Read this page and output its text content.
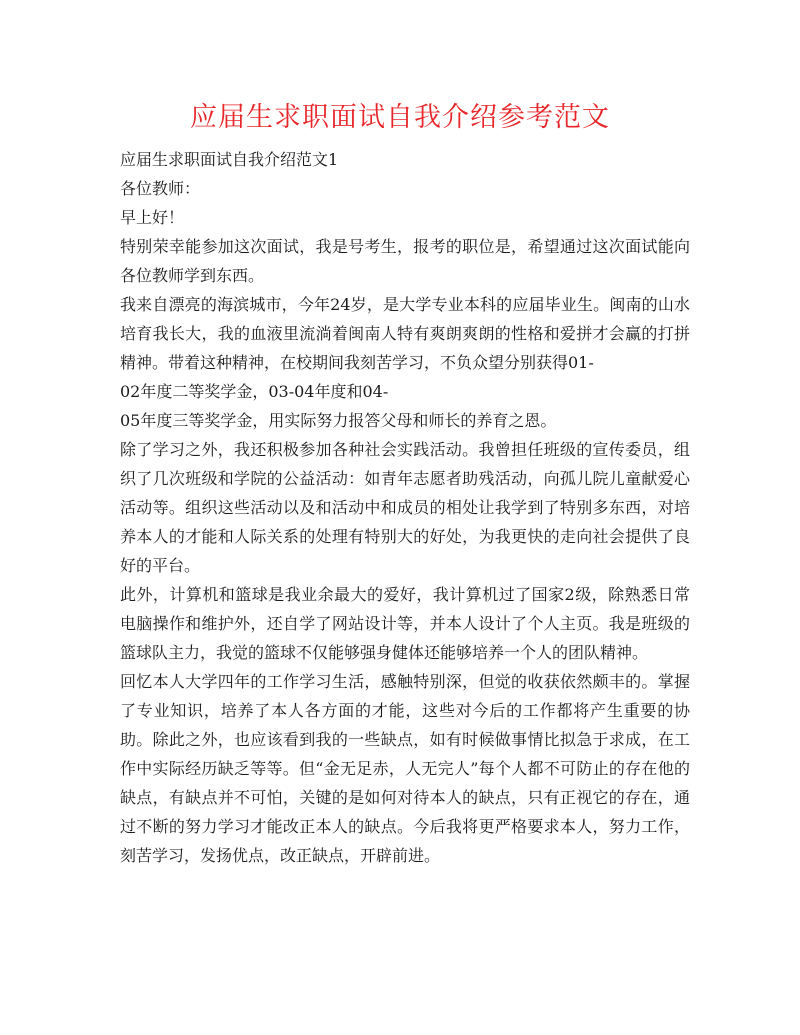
应届生求职面试自我介绍参考范文

应届生求职面试自我介绍范文1

各位教师：

早上好！

特别荣幸能参加这次面试，我是号考生，报考的职位是，希望通过这次面试能向各位教师学到东西。

我来自漂亮的海滨城市，今年24岁，是大学专业本科的应届毕业生。闽南的山水培育我长大，我的血液里流淌着闽南人特有爽朗爽朗的性格和爱拼才会赢的打拼精神。带着这种精神，在校期间我刻苦学习，不负众望分别获得01-

02年度二等奖学金，03-04年度和04-

05年度三等奖学金，用实际努力报答父母和师长的养育之恩。

除了学习之外，我还积极参加各种社会实践活动。我曾担任班级的宣传委员，组织了几次班级和学院的公益活动：如青年志愿者助残活动，向孤儿院儿童献爱心活动等。组织这些活动以及和活动中和成员的相处让我学到了特别多东西，对培养本人的才能和人际关系的处理有特别大的好处，为我更快的走向社会提供了良好的平台。

此外，计算机和篮球是我业余最大的爱好，我计算机过了国家2级，除熟悉日常电脑操作和维护外，还自学了网站设计等，并本人设计了个人主页。我是班级的篮球队主力，我觉的篮球不仅能够强身健体还能够培养一个人的团队精神。

回忆本人大学四年的工作学习生活，感触特别深，但觉的收获依然颇丰的。掌握了专业知识，培养了本人各方面的才能，这些对今后的工作都将产生重要的协助。除此之外，也应该看到我的一些缺点，如有时候做事情比拟急于求成，在工作中实际经历缺乏等等。但“金无足赤，人无完人”每个人都不可防止的存在他的缺点，有缺点并不可怕，关键的是如何对待本人的缺点，只有正视它的存在，通过不断的努力学习才能改正本人的缺点。今后我将更严格要求本人，努力工作，刻苦学习，发扬优点，改正缺点，开辟前进。
